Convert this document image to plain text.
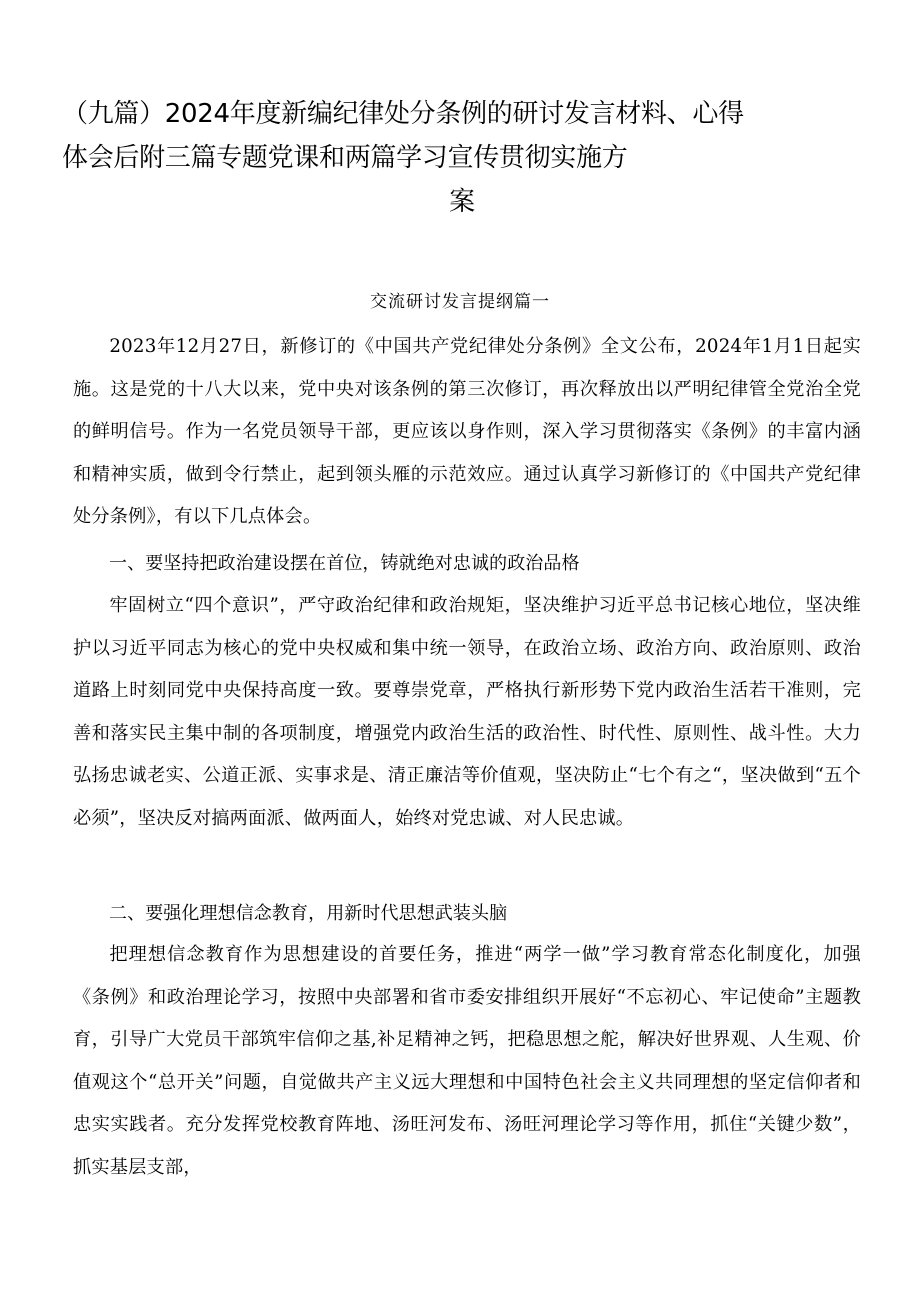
（九篇）2024年度新编纪律处分条例的研讨发言材料、心得
体会后附三篇专题党课和两篇学习宣传贯彻实施方
案
交流研讨发言提纲篇一

2023年12月27日，新修订的《中国共产党纪律处分条例》全文公布，2024年1月1日起实施。这是党的十八大以来，党中央对该条例的第三次修订，再次释放出以严明纪律管全党治全党的鲜明信号。作为一名党员领导干部，更应该以身作则，深入学习贯彻落实《条例》的丰富内涵和精神实质，做到令行禁止，起到领头雁的示范效应。通过认真学习新修订的《中国共产党纪律处分条例》，有以下几点体会。

一、要坚持把政治建设摆在首位，铸就绝对忠诚的政治品格

牢固树立“四个意识”，严守政治纪律和政治规矩，坚决维护习近平总书记核心地位，坚决维护以习近平同志为核心的党中央权威和集中统一领导，在政治立场、政治方向、政治原则、政治道路上时刻同党中央保持高度一致。要尊崇党章，严格执行新形势下党内政治生活若干准则，完善和落实民主集中制的各项制度，增强党内政治生活的政治性、时代性、原则性、战斗性。大力弘扬忠诚老实、公道正派、实事求是、清正廉洁等价值观，坚决防止“七个有之“，坚决做到“五个必须”，坚决反对搞两面派、做两面人，始终对党忠诚、对人民忠诚。

二、要强化理想信念教育，用新时代思想武装头脑

把理想信念教育作为思想建设的首要任务，推进“两学一做”学习教育常态化制度化，加强《条例》和政治理论学习，按照中央部署和省市委安排组织开展好“不忘初心、牢记使命”主题教育，引导广大党员干部筑牢信仰之基,补足精神之钙，把稳思想之舵，解决好世界观、人生观、价值观这个“总开关”问题，自觉做共产主义远大理想和中国特色社会主义共同理想的坚定信仰者和忠实实践者。充分发挥党校教育阵地、汤旺河发布、汤旺河理论学习等作用，抓住“关键少数”，抓实基层支部，
